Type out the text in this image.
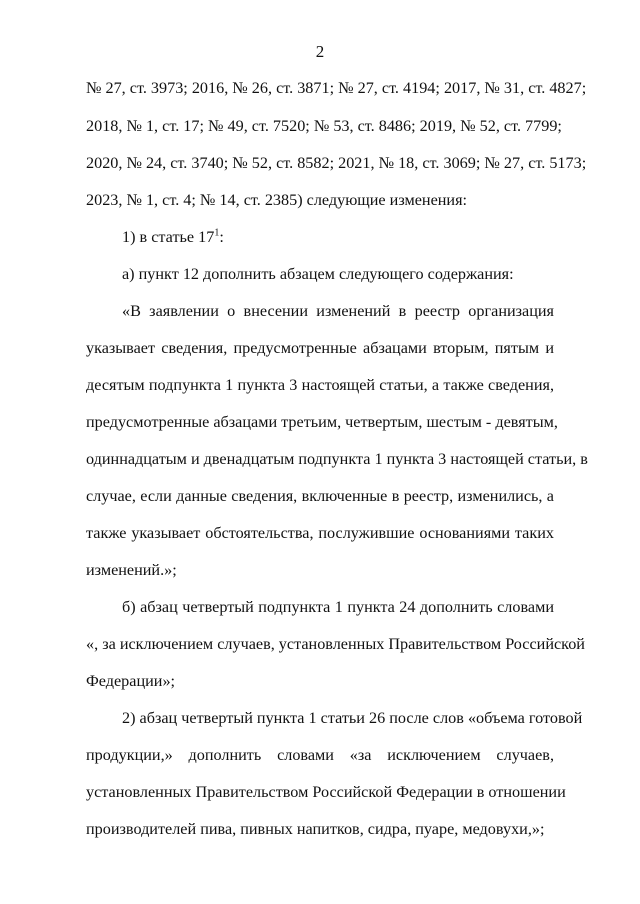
2
№ 27, ст. 3973; 2016, № 26, ст. 3871; № 27, ст. 4194; 2017, № 31, ст. 4827;
2018, № 1, ст. 17; № 49, ст. 7520; № 53, ст. 8486; 2019, № 52, ст. 7799;
2020, № 24, ст. 3740; № 52, ст. 8582; 2021, № 18, ст. 3069; № 27, ст. 5173;
2023, № 1, ст. 4; № 14, ст. 2385) следующие изменения:
1) в статье $17^1$:
а) пункт 12 дополнить абзацем следующего содержания:
«В заявлении о внесении изменений в реестр организация
указывает сведения, предусмотренные абзацами вторым, пятым и
десятым подпункта 1 пункта 3 настоящей статьи, а также сведения,
предусмотренные абзацами третьим, четвертым, шестым - девятым,
одиннадцатым и двенадцатым подпункта 1 пункта 3 настоящей статьи, в
случае, если данные сведения, включенные в реестр, изменились, а
также указывает обстоятельства, послужившие основаниями таких
изменений.»;
б) абзац четвертый подпункта 1 пункта 24 дополнить словами
«, за исключением случаев, установленных Правительством Российской
Федерации»;
2) абзац четвертый пункта 1 статьи 26 после слов «объема готовой
продукции,» дополнить словами «за исключением случаев,
установленных Правительством Российской Федерации в отношении
производителей пива, пивных напитков, сидра, пуаре, медовухи,»;
